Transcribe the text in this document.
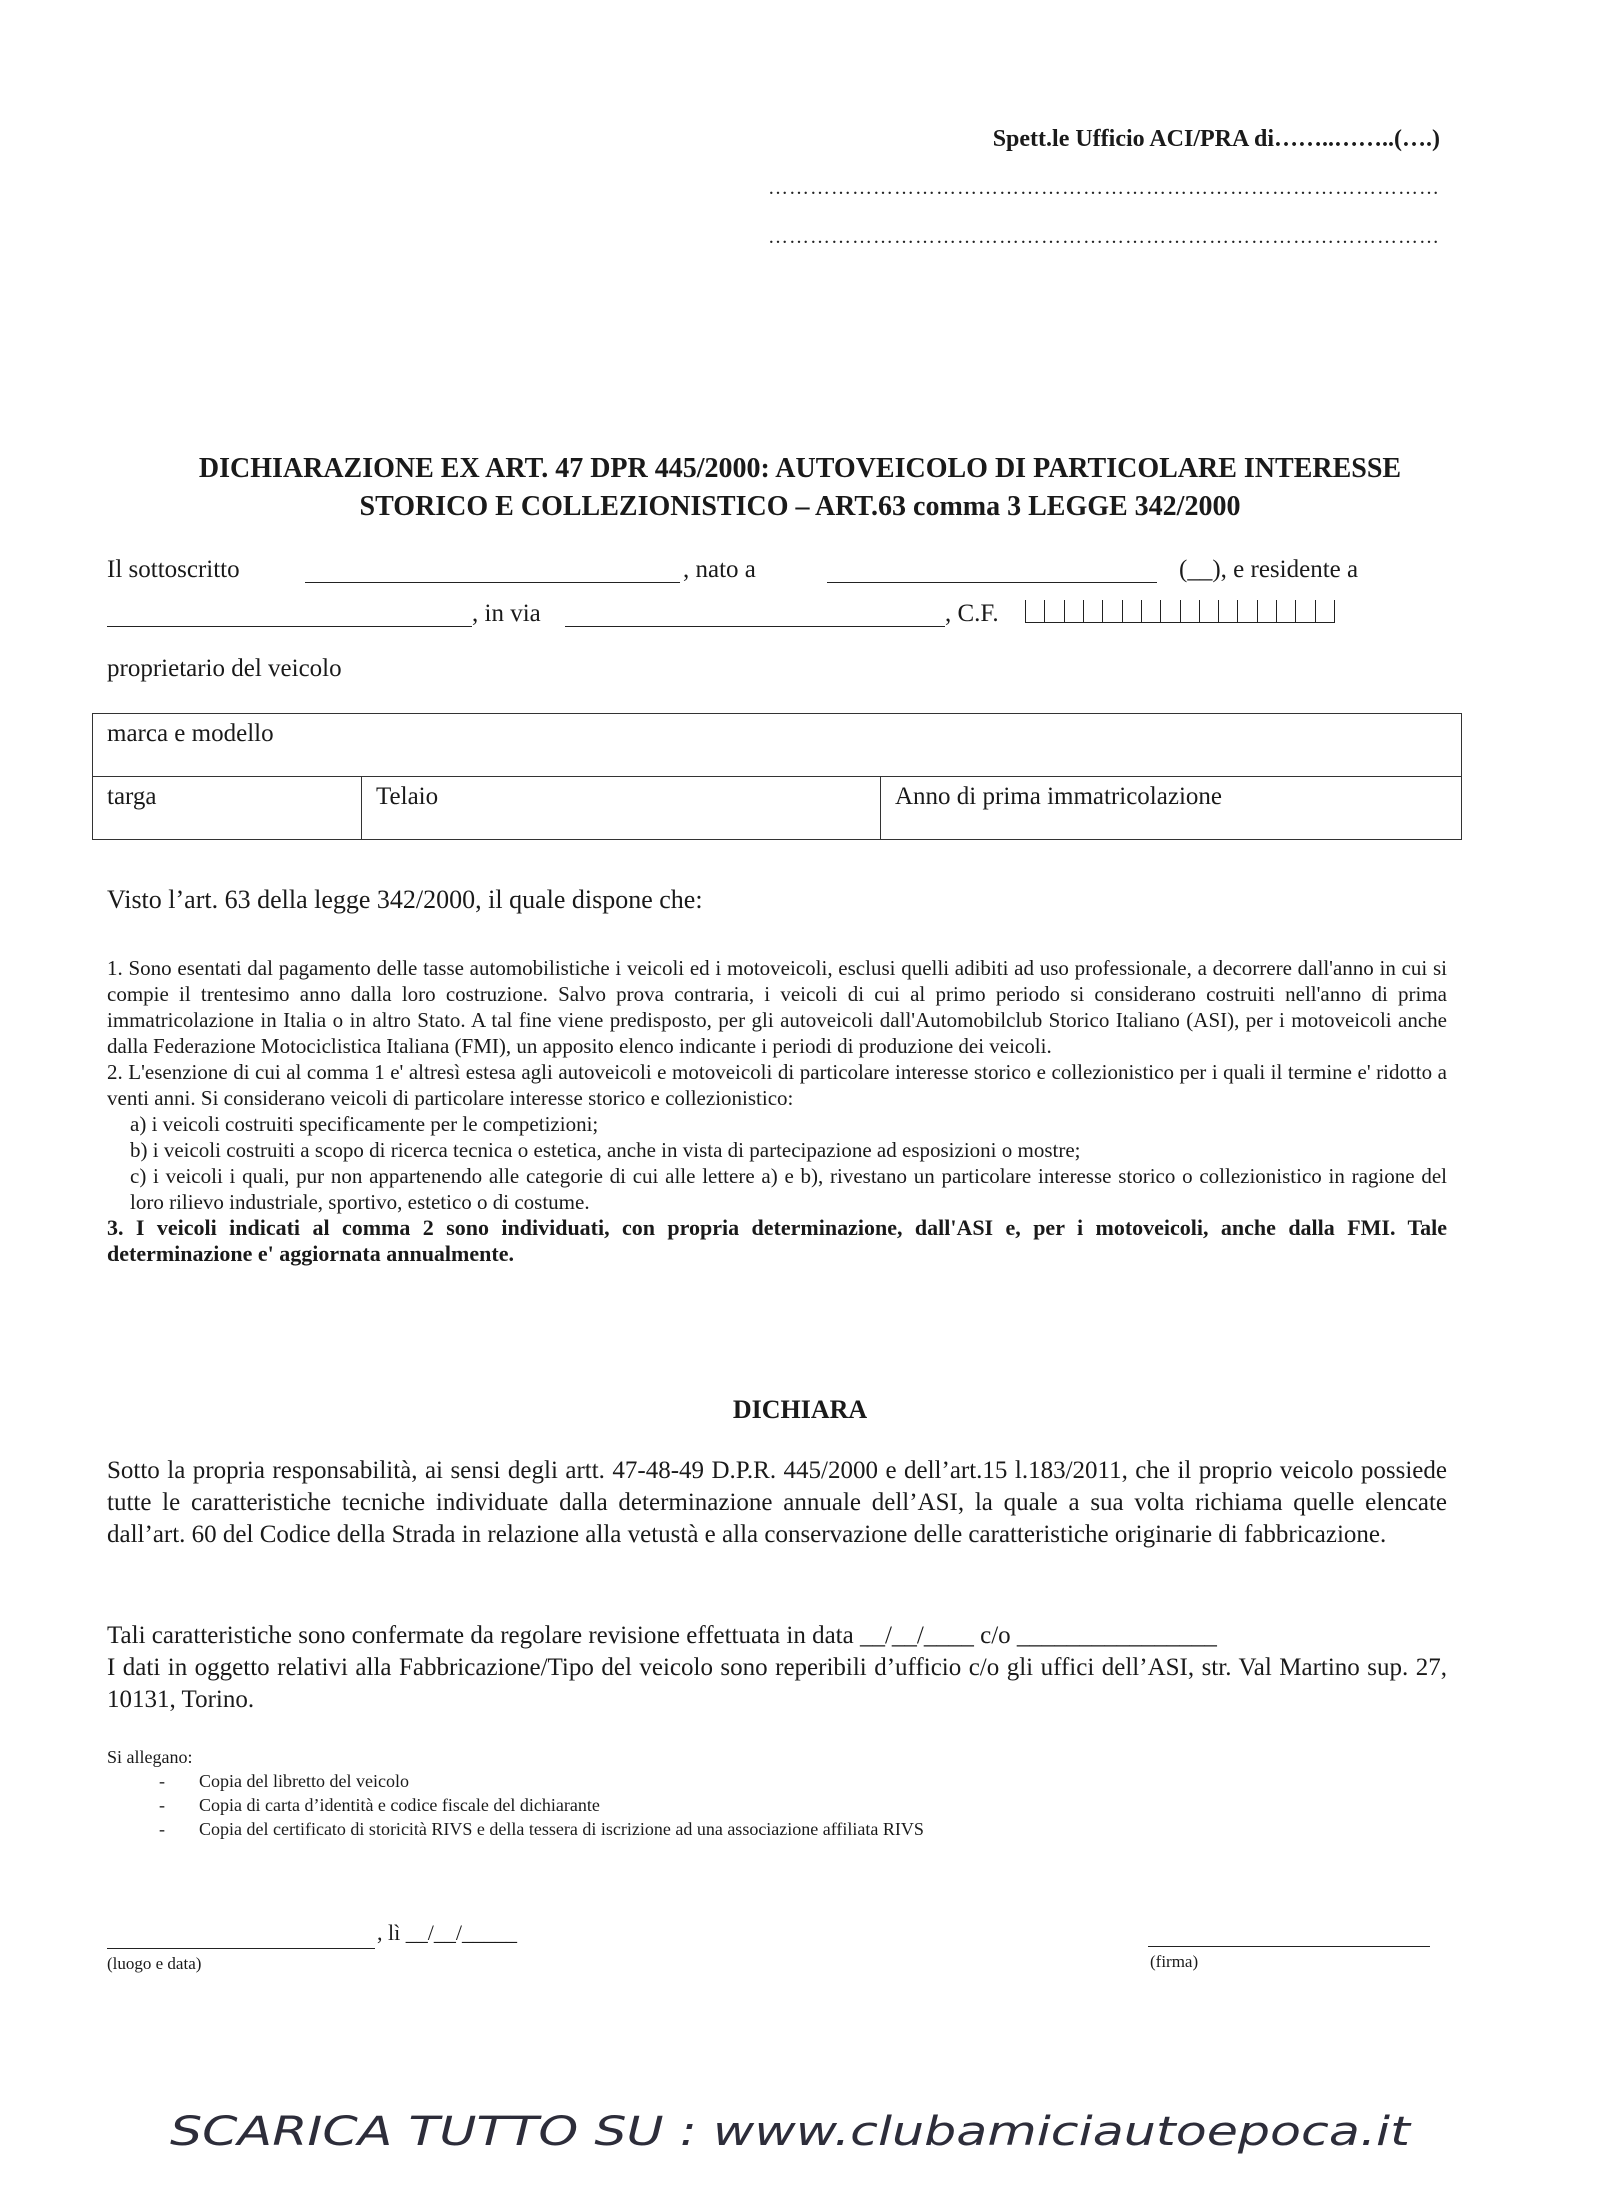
Spett.le Ufficio ACI/PRA di……..……..(….)
……………………………………………………………………………………
……………………………………………………………………………………
DICHIARAZIONE EX ART. 47 DPR 445/2000: AUTOVEICOLO DI PARTICOLARE INTERESSE
STORICO E COLLEZIONISTICO – ART.63 comma 3 LEGGE 342/2000
Il sottoscritto	, nato a	(__), e residente a
, in via	, C.F.
proprietario del veicolo
marca e modello
targa	Telaio	Anno di prima immatricolazione
Visto l’art. 63 della legge 342/2000, il quale dispone che:

1. Sono esentati dal pagamento delle tasse automobilistiche i veicoli ed i motoveicoli, esclusi quelli adibiti ad uso professionale, a decorrere dall'anno in cui si compie il trentesimo anno dalla loro costruzione. Salvo prova contraria, i veicoli di cui al primo periodo si considerano costruiti nell'anno di prima immatricolazione in Italia o in altro Stato. A tal fine viene predisposto, per gli autoveicoli dall'Automobilclub Storico Italiano (ASI), per i motoveicoli anche dalla Federazione Motociclistica Italiana (FMI), un apposito elenco indicante i periodi di produzione dei veicoli.

2. L'esenzione di cui al comma 1 e' altresì estesa agli autoveicoli e motoveicoli di particolare interesse storico e collezionistico per i quali il termine e' ridotto a venti anni. Si considerano veicoli di particolare interesse storico e collezionistico:

a) i veicoli costruiti specificamente per le competizioni;

b) i veicoli costruiti a scopo di ricerca tecnica o estetica, anche in vista di partecipazione ad esposizioni o mostre;

c) i veicoli i quali, pur non appartenendo alle categorie di cui alle lettere a) e b), rivestano un particolare interesse storico o collezionistico in ragione del loro rilievo industriale, sportivo, estetico o di costume.

3. I veicoli indicati al comma 2 sono individuati, con propria determinazione, dall'ASI e, per i motoveicoli, anche dalla FMI. Tale determinazione e' aggiornata annualmente.

DICHIARA
Sotto la propria responsabilità, ai sensi degli artt. 47-48-49 D.P.R. 445/2000 e dell’art.15 l.183/2011, che il proprio veicolo possiede tutte le caratteristiche tecniche individuate dalla determinazione annuale dell’ASI, la quale a sua volta richiama quelle elencate dall’art. 60 del Codice della Strada in relazione alla vetustà e alla conservazione delle caratteristiche originarie di fabbricazione.
Tali caratteristiche sono confermate da regolare revisione effettuata in data __/__/____ c/o ________________
I dati in oggetto relativi alla Fabbricazione/Tipo del veicolo sono reperibili d’ufficio c/o gli uffici dell’ASI, str. Val Martino sup. 27, 10131, Torino.
Si allegano:
- Copia del libretto del veicolo
- Copia di carta d’identità e codice fiscale del dichiarante
- Copia del certificato di storicità RIVS e della tessera di iscrizione ad una associazione affiliata RIVS
, lì __/__/_____
(luogo e data)	(firma)
SCARICA TUTTO SU : www.clubamiciautoepoca.it
